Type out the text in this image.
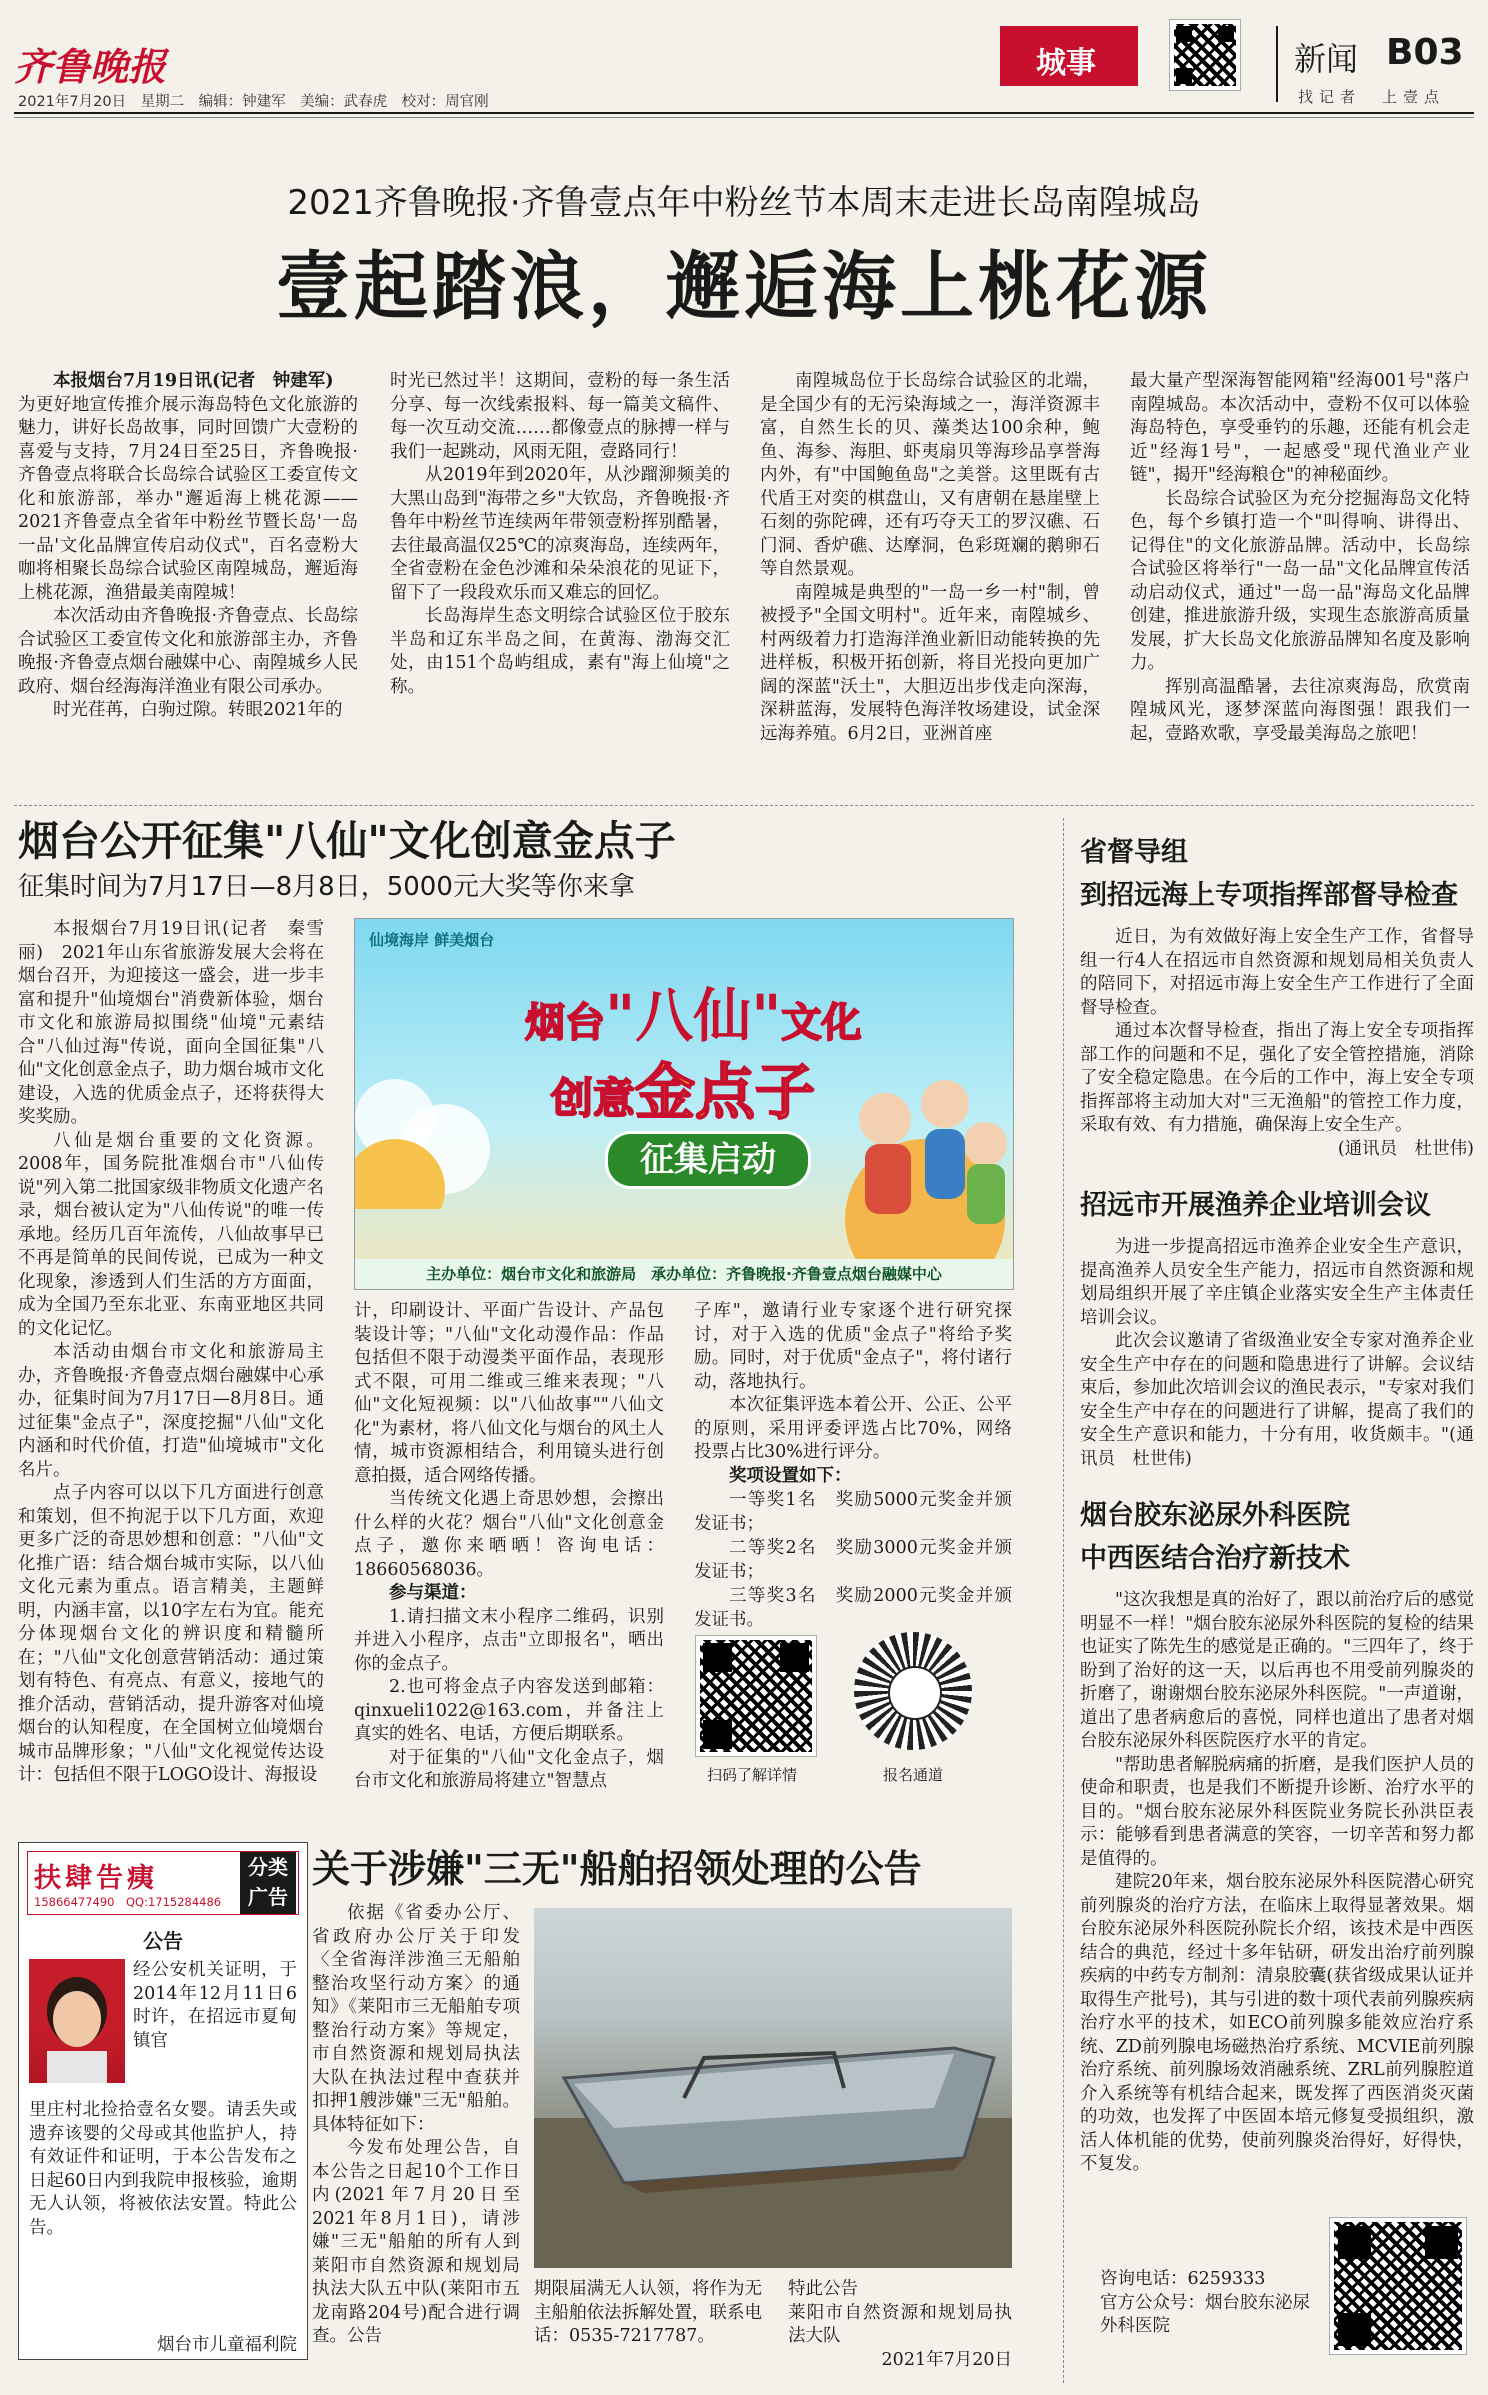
齐鲁晚报
2021年7月20日　星期二　编辑：钟建军　美编：武春虎　校对：周官刚
城事	新闻 B03
找记者　上壹点
2021齐鲁晚报·齐鲁壹点年中粉丝节本周末走进长岛南隍城岛
壹起踏浪，邂逅海上桃花源

本报烟台7月19日讯(记者　钟建军)

为更好地宣传推介展示海岛特色文化旅游的魅力，讲好长岛故事，同时回馈广大壹粉的喜爱与支持，7月24日至25日，齐鲁晚报·齐鲁壹点将联合长岛综合试验区工委宣传文化和旅游部，举办"邂逅海上桃花源——2021齐鲁壹点全省年中粉丝节暨长岛'一岛一品'文化品牌宣传启动仪式"，百名壹粉大咖将相聚长岛综合试验区南隍城岛，邂逅海上桃花源，渔猎最美南隍城！

本次活动由齐鲁晚报·齐鲁壹点、长岛综合试验区工委宣传文化和旅游部主办，齐鲁晚报·齐鲁壹点烟台融媒中心、南隍城乡人民政府、烟台经海海洋渔业有限公司承办。

时光荏苒，白驹过隙。转眼2021年的

时光已然过半！这期间，壹粉的每一条生活分享、每一次线索报料、每一篇美文稿件、每一次互动交流……都像壹点的脉搏一样与我们一起跳动，风雨无阻，壹路同行！

从2019年到2020年，从沙蹓泖频美的大黑山岛到"海带之乡"大钦岛，齐鲁晚报·齐鲁年中粉丝节连续两年带领壹粉挥别酷暑，去往最高温仅25℃的凉爽海岛，连续两年，全省壹粉在金色沙滩和朵朵浪花的见证下，留下了一段段欢乐而又难忘的回忆。

长岛海岸生态文明综合试验区位于胶东半岛和辽东半岛之间，在黄海、渤海交汇处，由151个岛屿组成，素有"海上仙境"之称。

南隍城岛位于长岛综合试验区的北端，是全国少有的无污染海域之一，海洋资源丰富，自然生长的贝、藻类达100余种，鲍鱼、海参、海胆、虾夷扇贝等海珍品享誉海内外，有"中国鲍鱼岛"之美誉。这里既有古代盾王对奕的棋盘山，又有唐朝在悬崖壁上石刻的弥陀碑，还有巧夺天工的罗汉礁、石门洞、香炉礁、达摩洞，色彩斑斓的鹅卵石等自然景观。

南隍城是典型的"一岛一乡一村"制，曾被授予"全国文明村"。近年来，南隍城乡、村两级着力打造海洋渔业新旧动能转换的先进样板，积极开拓创新，将目光投向更加广阔的深蓝"沃土"，大胆迈出步伐走向深海，深耕蓝海，发展特色海洋牧场建设，试金深远海养殖。6月2日，亚洲首座

最大量产型深海智能网箱"经海001号"落户南隍城岛。本次活动中，壹粉不仅可以体验海岛特色，享受垂钓的乐趣，还能有机会走近"经海1号"，一起感受"现代渔业产业链"，揭开"经海粮仓"的神秘面纱。

长岛综合试验区为充分挖掘海岛文化特色，每个乡镇打造一个"叫得响、讲得出、记得住"的文化旅游品牌。活动中，长岛综合试验区将举行"一岛一品"文化品牌宣传活动启动仪式，通过"一岛一品"海岛文化品牌创建，推进旅游升级，实现生态旅游高质量发展，扩大长岛文化旅游品牌知名度及影响力。

挥别高温酷暑，去往凉爽海岛，欣赏南隍城风光，逐梦深蓝向海图强！跟我们一起，壹路欢歌，享受最美海岛之旅吧！

烟台公开征集"八仙"文化创意金点子
征集时间为7月17日—8月8日，5000元大奖等你来拿

本报烟台7月19日讯(记者　秦雪丽)　2021年山东省旅游发展大会将在烟台召开，为迎接这一盛会，进一步丰富和提升"仙境烟台"消费新体验，烟台市文化和旅游局拟围绕"仙境"元素结合"八仙过海"传说，面向全国征集"八仙"文化创意金点子，助力烟台城市文化建设，入选的优质金点子，还将获得大奖奖励。

八仙是烟台重要的文化资源。2008年，国务院批准烟台市"八仙传说"列入第二批国家级非物质文化遗产名录，烟台被认定为"八仙传说"的唯一传承地。经历几百年流传，八仙故事早已不再是简单的民间传说，已成为一种文化现象，渗透到人们生活的方方面面，成为全国乃至东北亚、东南亚地区共同的文化记忆。

本活动由烟台市文化和旅游局主办，齐鲁晚报·齐鲁壹点烟台融媒中心承办，征集时间为7月17日—8月8日。通过征集"金点子"，深度挖掘"八仙"文化内涵和时代价值，打造"仙境城市"文化名片。

点子内容可以以下几方面进行创意和策划，但不拘泥于以下几方面，欢迎更多广泛的奇思妙想和创意："八仙"文化推广语：结合烟台城市实际，以八仙文化元素为重点。语言精美，主题鲜明，内涵丰富，以10字左右为宜。能充分体现烟台文化的辨识度和精髓所在；"八仙"文化创意营销活动：通过策划有特色、有亮点、有意义，接地气的推介活动，营销活动，提升游客对仙境烟台的认知程度，在全国树立仙境烟台城市品牌形象；"八仙"文化视觉传达设计：包括但不限于LOGO设计、海报设

仙境海岸 鲜美烟台
烟台"八仙"文化
创意金点子
征集启动
主办单位：烟台市文化和旅游局　承办单位：齐鲁晚报·齐鲁壹点烟台融媒中心

计，印刷设计、平面广告设计、产品包装设计等；"八仙"文化动漫作品：作品包括但不限于动漫类平面作品，表现形式不限，可用二维或三维来表现；"八仙"文化短视频：以"八仙故事""八仙文化"为素材，将八仙文化与烟台的风土人情，城市资源相结合，利用镜头进行创意拍摄，适合网络传播。

当传统文化遇上奇思妙想，会擦出什么样的火花？烟台"八仙"文化创意金点子，邀你来晒晒！咨询电话：18660568036。

参与渠道：

1.请扫描文末小程序二维码，识别并进入小程序，点击"立即报名"，晒出你的金点子。

2.也可将金点子内容发送到邮箱：qinxueli1022@163.com，并备注上真实的姓名、电话，方便后期联系。

对于征集的"八仙"文化金点子，烟台市文化和旅游局将建立"智慧点

子库"，邀请行业专家逐个进行研究探讨，对于入选的优质"金点子"将给予奖励。同时，对于优质"金点子"，将付诸行动，落地执行。

本次征集评选本着公开、公正、公平的原则，采用评委评选占比70%，网络投票占比30%进行评分。

奖项设置如下：

一等奖1名　奖励5000元奖金并颁发证书；

二等奖2名　奖励3000元奖金并颁发证书；

三等奖3名　奖励2000元奖金并颁发证书。

扫码了解详情	报名通道
省督导组
到招远海上专项指挥部督导检查

近日，为有效做好海上安全生产工作，省督导组一行4人在招远市自然资源和规划局相关负责人的陪同下，对招远市海上安全生产工作进行了全面督导检查。

通过本次督导检查，指出了海上安全专项指挥部工作的问题和不足，强化了安全管控措施，消除了安全稳定隐患。在今后的工作中，海上安全专项指挥部将主动加大对"三无渔船"的管控工作力度，采取有效、有力措施，确保海上安全生产。

(通讯员　杜世伟)

招远市开展渔养企业培训会议

为进一步提高招远市渔养企业安全生产意识，提高渔养人员安全生产能力，招远市自然资源和规划局组织开展了辛庄镇企业落实安全生产主体责任培训会议。

此次会议邀请了省级渔业安全专家对渔养企业安全生产中存在的问题和隐患进行了讲解。会议结束后，参加此次培训会议的渔民表示，"专家对我们安全生产中存在的问题进行了讲解，提高了我们的安全生产意识和能力，十分有用，收货颇丰。"(通讯员　杜世伟)

烟台胶东泌尿外科医院
中西医结合治疗新技术

"这次我想是真的治好了，跟以前治疗后的感觉明显不一样！"烟台胶东泌尿外科医院的复检的结果也证实了陈先生的感觉是正确的。"三四年了，终于盼到了治好的这一天，以后再也不用受前列腺炎的折磨了，谢谢烟台胶东泌尿外科医院。"一声道谢，道出了患者病愈后的喜悦，同样也道出了患者对烟台胶东泌尿外科医院医疗水平的肯定。

"帮助患者解脱病痛的折磨，是我们医护人员的使命和职责，也是我们不断提升诊断、治疗水平的目的。"烟台胶东泌尿外科医院业务院长孙洪臣表示：能够看到患者满意的笑容，一切辛苦和努力都是值得的。

建院20年来，烟台胶东泌尿外科医院潜心研究前列腺炎的治疗方法，在临床上取得显著效果。烟台胶东泌尿外科医院孙院长介绍，该技术是中西医结合的典范，经过十多年钻研，研发出治疗前列腺疾病的中药专方制剂：清泉胶囊(获省级成果认证并取得生产批号)，其与引进的数十项代表前列腺疾病治疗水平的技术，如ECO前列腺多能效应治疗系统、ZD前列腺电场磁热治疗系统、MCVIE前列腺治疗系统、前列腺场效消融系统、ZRL前列腺腔道介入系统等有机结合起来，既发挥了西医消炎灭菌的功效，也发挥了中医固本培元修复受损组织，激活人体机能的优势，使前列腺炎治得好，好得快，不复发。

咨询电话：6259333
官方公众号：烟台胶东泌尿外科医院
扶肆告痍	分类广告
15866477490　QQ:1715284486
公告
经公安机关证明，于2014年12月11日6时许，在招远市夏甸镇官
里庄村北捡拾壹名女婴。请丢失或遗弃该婴的父母或其他监护人，持有效证件和证明，于本公告发布之日起60日内到我院申报核验，逾期无人认领，将被依法安置。特此公告。
烟台市儿童福利院
关于涉嫌"三无"船舶招领处理的公告

依据《省委办公厅、省政府办公厅关于印发〈全省海洋涉渔三无船舶整治攻坚行动方案〉的通知》《莱阳市三无船舶专项整治行动方案》等规定，市自然资源和规划局执法大队在执法过程中查获并扣押1艘涉嫌"三无"船舶。具体特征如下：

今发布处理公告，自本公告之日起10个工作日内(2021年7月20日至2021年8月1日)，请涉嫌"三无"船舶的所有人到莱阳市自然资源和规划局执法大队五中队(莱阳市五龙南路204号)配合进行调查。公告

期限届满无人认领，将作为无主船舶依法拆解处置，联系电话：0535-7217787。
特此公告
莱阳市自然资源和规划局执法大队
2021年7月20日
